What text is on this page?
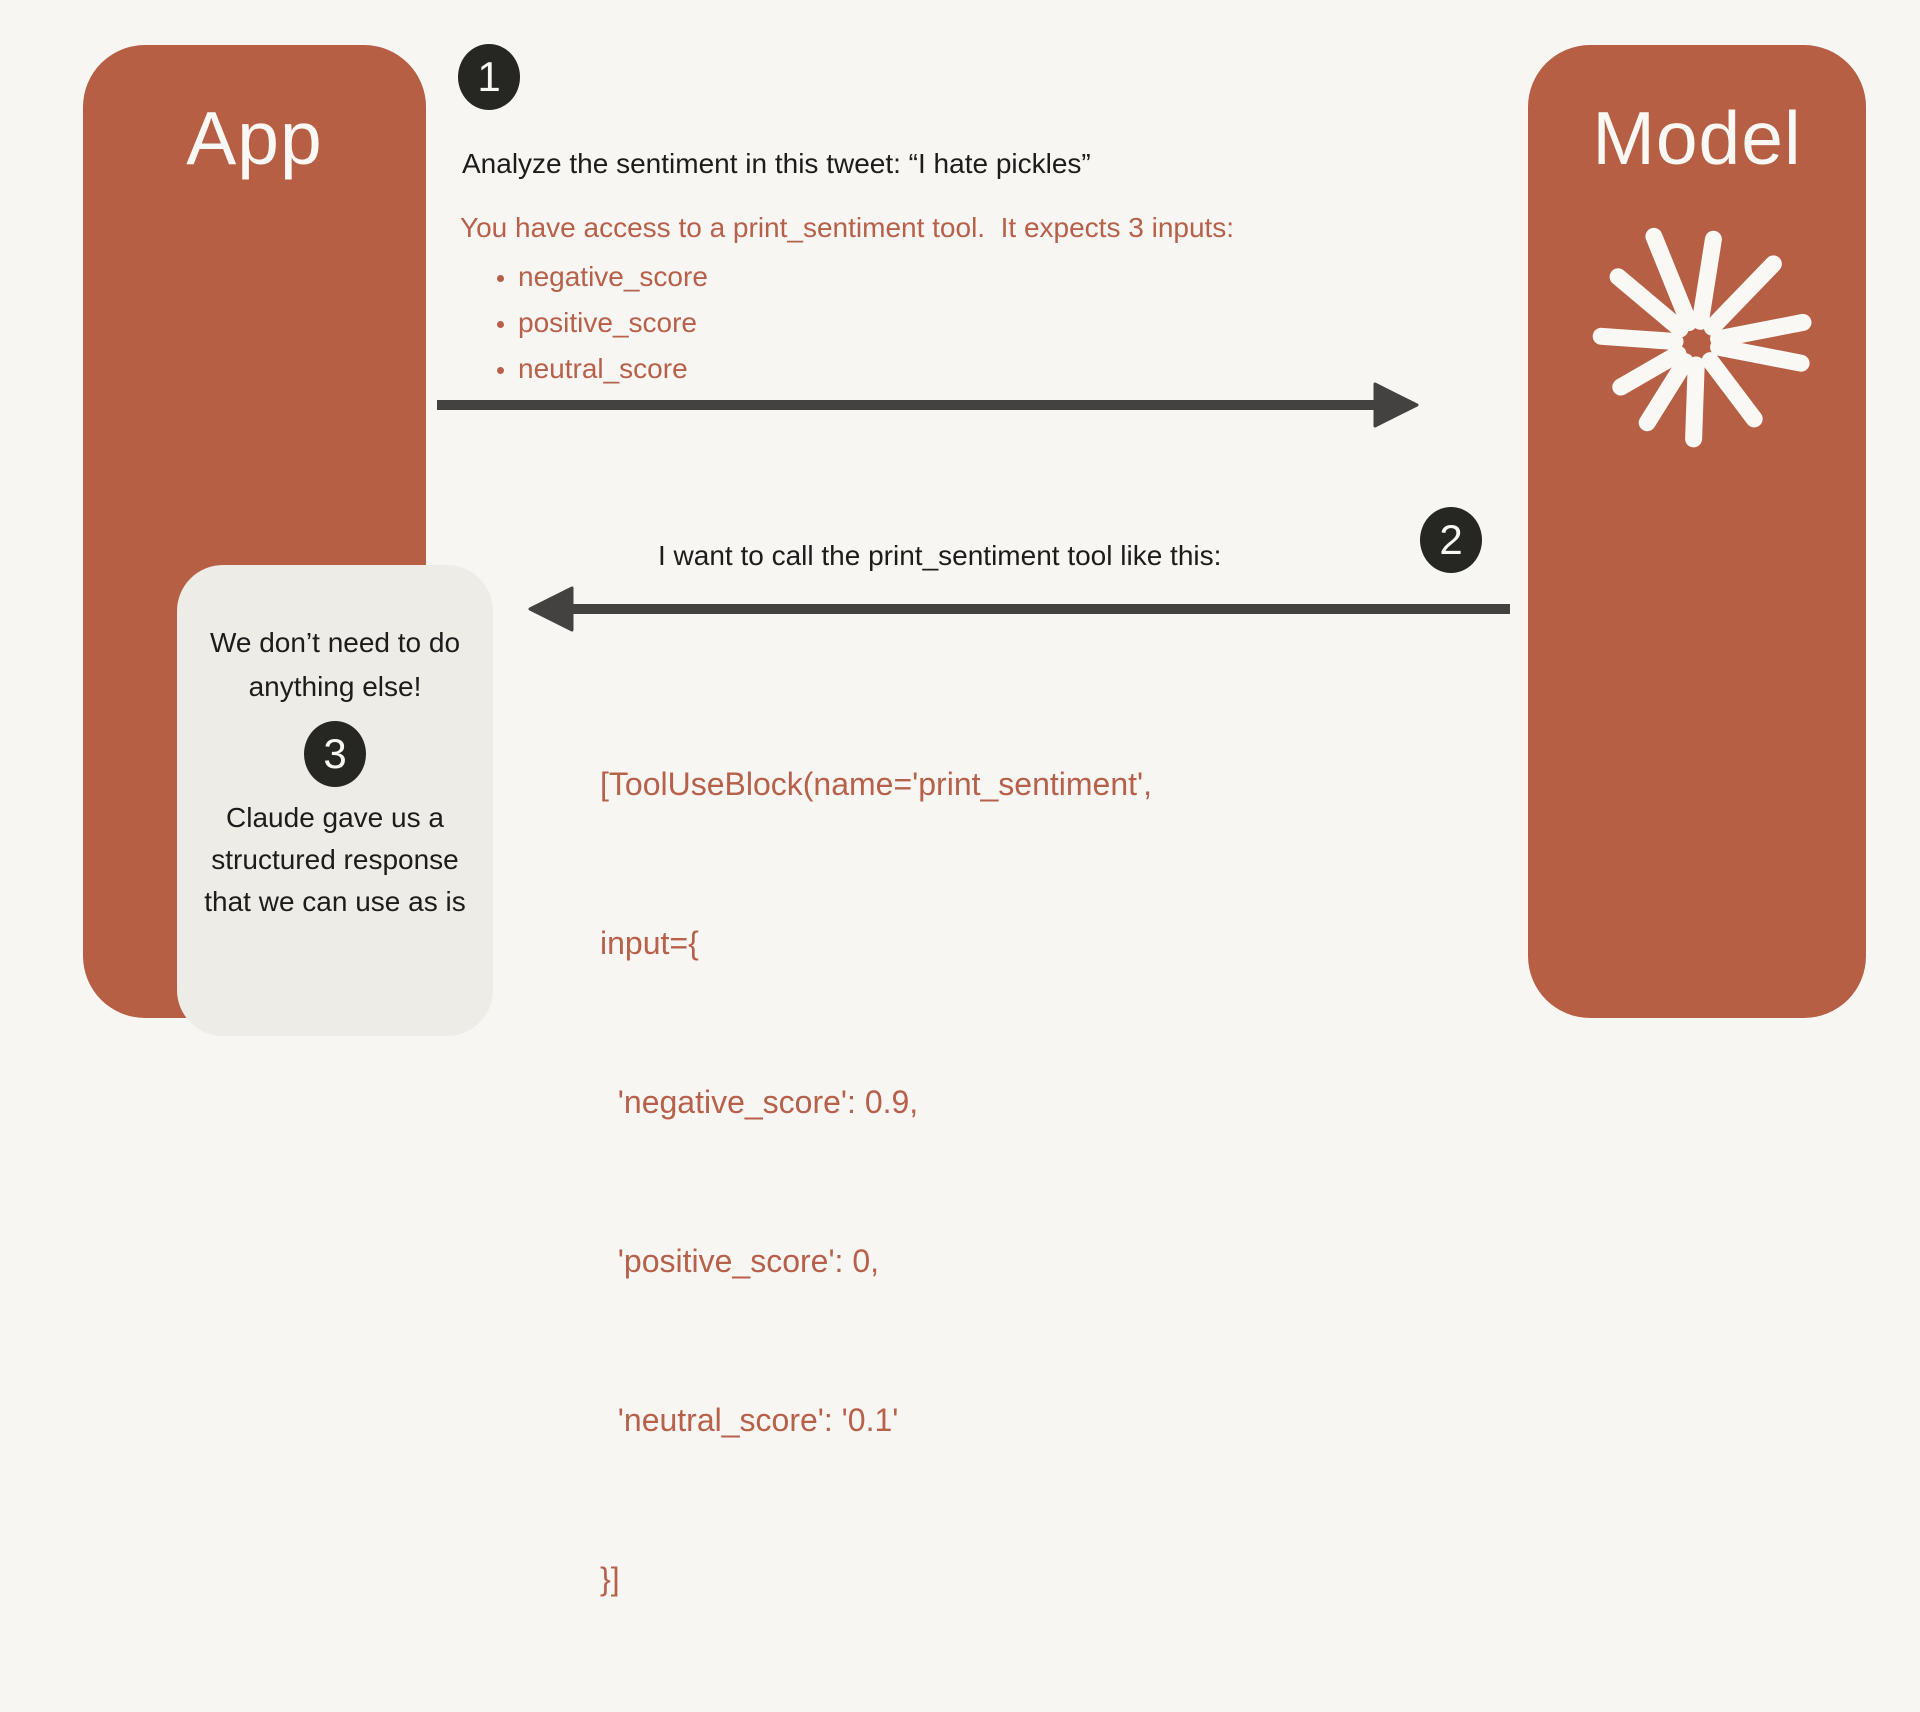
App

We don’t need to do anything else!

3

Claude gave us a structured response that we can use as is

Model
1
Analyze the sentiment in this tweet: “I hate pickles”
You have access to a print_sentiment tool.  It expects 3 inputs:
• negative_score
• positive_score
• neutral_score
I want to call the print_sentiment tool like this:	2

[ToolUseBlock(name='print_sentiment',

input={

'negative_score': 0.9,

'positive_score': 0,

'neutral_score': '0.1'

}]
